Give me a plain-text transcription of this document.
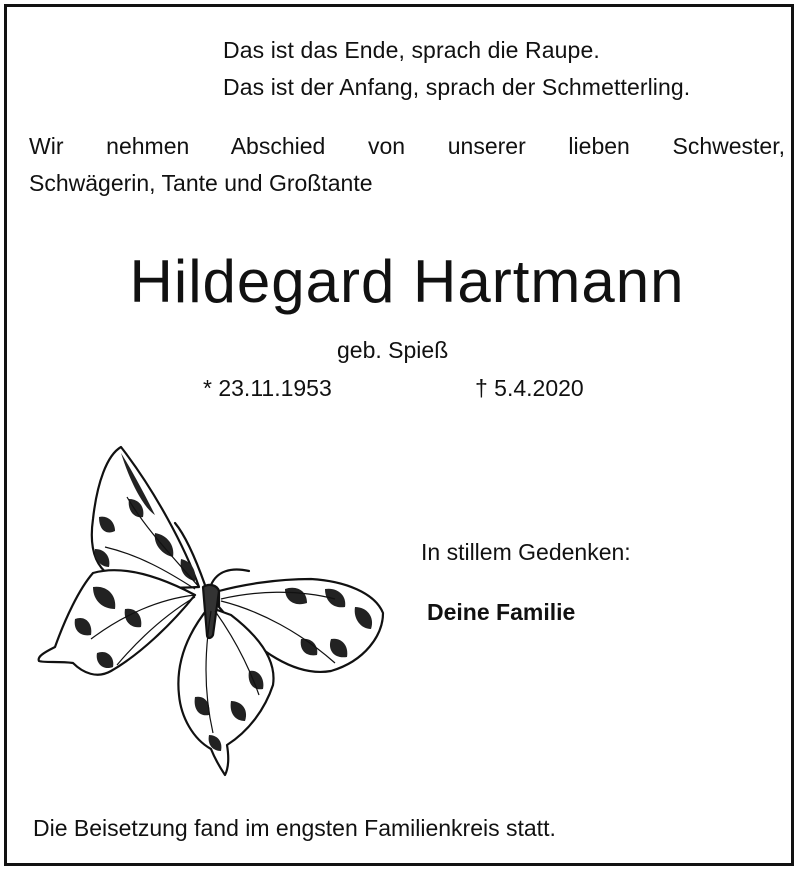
Das ist das Ende, sprach die Raupe.
Das ist der Anfang, sprach der Schmetterling.
Wir nehmen Abschied von unserer lieben Schwester,
Schwägerin, Tante und Großtante
Hildegard Hartmann
geb. Spieß
* 23.11.1953	† 5.4.2020
In stillem Gedenken:
Deine Familie
Die Beisetzung fand im engsten Familienkreis statt.
